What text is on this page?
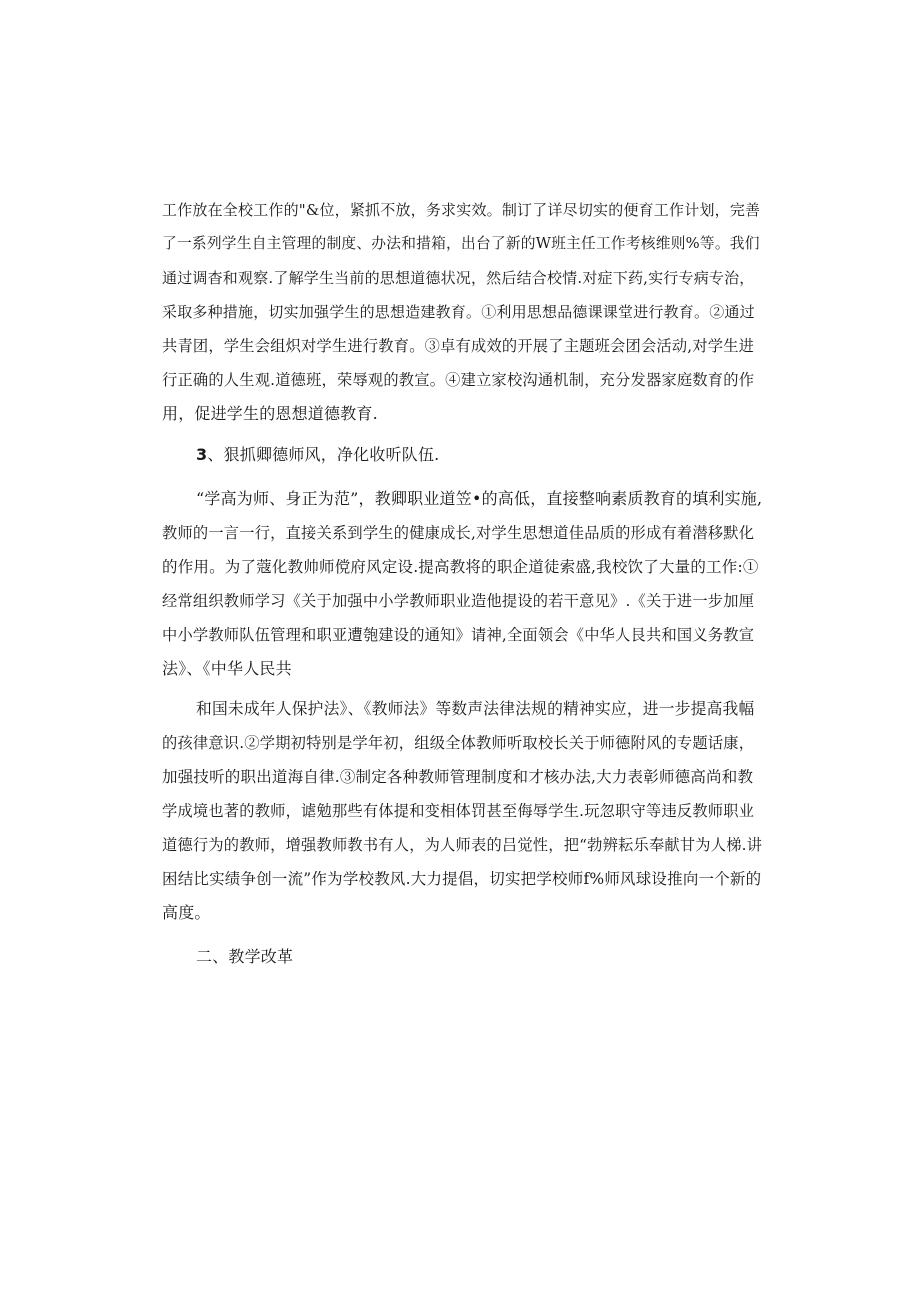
工作放在全校工作的"&位，紧抓不放，务求实效。制订了详尽切实的便育工作计划，完善
了一系列学生自主管理的制度、办法和措箱，出台了新的W班主任工作考核维则%等。我们
通过调杳和观察.了解学生当前的思想道德状况，然后结合校情.对症下药,实行专病专治，
采取多种措施，切实加强学生的思想造建教育。①利用思想品德课课堂进行教育。②通过
共青团，学生会组炽对学生进行教育。③卓有成效的开展了主题班会团会活动,对学生进
行正确的人生观.道德班，荣辱观的教宣。④建立家校沟通机制，充分发器家庭数育的作
用，促进学生的恩想道德教育.
3、狠抓卿德师风，净化收听队伍.
“学高为师、身正为范”，教卿职业道笠•的高低，直接整响素质教育的填利实施,
教师的一言一行，直接关系到学生的健康成长,对学生思想道佳品质的形成有着潜移默化
的作用。为了蔻化教帅师傥府风定设.提高教将的职企道徒索盛,我校饮了大量的工作:①
经常组织教师学习《关于加强中小学教师职业造他提设的若干意见》.《关于进一步加厘
中小学教师队伍管理和职亚遭匏建设的通知》请神,全面领会《中华人艮共和国义务教宣
法》、《中华人民共
和国未成年人保护法》、《教师法》等数声法律法规的精神实应，进一步提高我幅
的孩律意识.②学期初特别是学年初，组级全体教师听取校长关于师德附风的专题话康，
加强技听的职出道海自律.③制定各种教师管理制度和才核办法,大力表彰师德高尚和教
学成境也著的教师，谑勉那些有体提和变相体罚甚至侮辱学生.玩忽职守等违反教师职业
道德行为的教师，增强教师教书有人，为人师表的吕觉性，把“勃辨耘乐奉献甘为人梯.讲
困结比实绩争创一流”作为学校教风.大力提倡，切实把学校师f%师风球设推向一个新的
高度。
二、教学改革
